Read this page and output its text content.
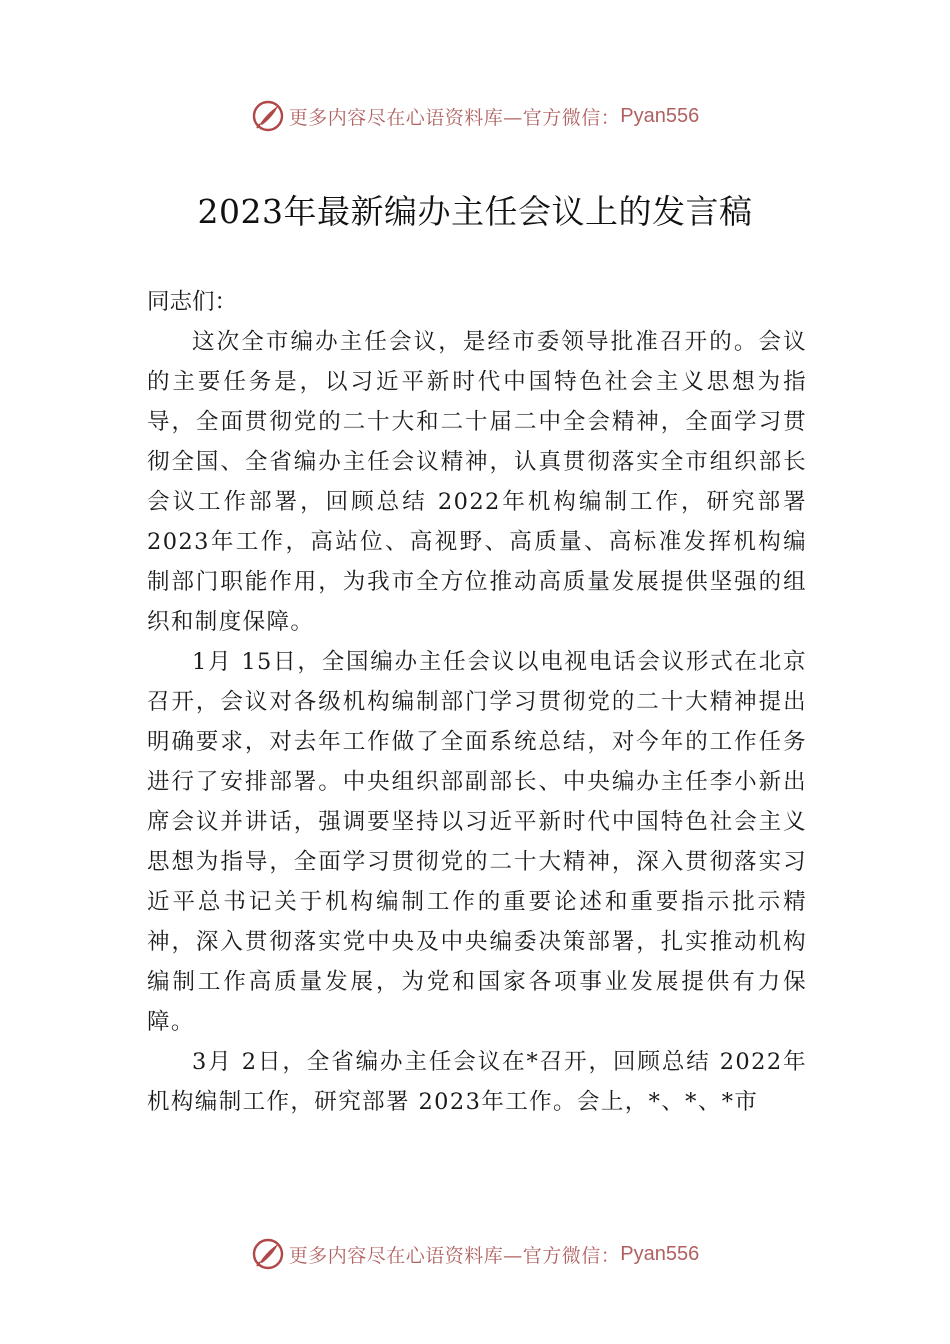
更多内容尽在心语资料库—官方微信： Pyan556
2023年最新编办主任会议上的发言稿

同志们：

这次全市编办主任会议，是经市委领导批准召开的。会议的主要任务是，以习近平新时代中国特色社会主义思想为指导，全面贯彻党的二十大和二十届二中全会精神，全面学习贯彻全国、全省编办主任会议精神，认真贯彻落实全市组织部长会议工作部署，回顾总结 2022年机构编制工作，研究部署 2023年工作，高站位、高视野、高质量、高标准发挥机构编制部门职能作用，为我市全方位推动高质量发展提供坚强的组织和制度保障。

1月 15日，全国编办主任会议以电视电话会议形式在北京召开，会议对各级机构编制部门学习贯彻党的二十大精神提出明确要求，对去年工作做了全面系统总结，对今年的工作任务进行了安排部署。中央组织部副部长、中央编办主任李小新出席会议并讲话，强调要坚持以习近平新时代中国特色社会主义思想为指导，全面学习贯彻党的二十大精神，深入贯彻落实习近平总书记关于机构编制工作的重要论述和重要指示批示精神，深入贯彻落实党中央及中央编委决策部署，扎实推动机构编制工作高质量发展，为党和国家各项事业发展提供有力保障。

3月 2日，全省编办主任会议在*召开，回顾总结 2022年机构编制工作，研究部署 2023年工作。会上，*、*、*市

更多内容尽在心语资料库—官方微信： Pyan556
